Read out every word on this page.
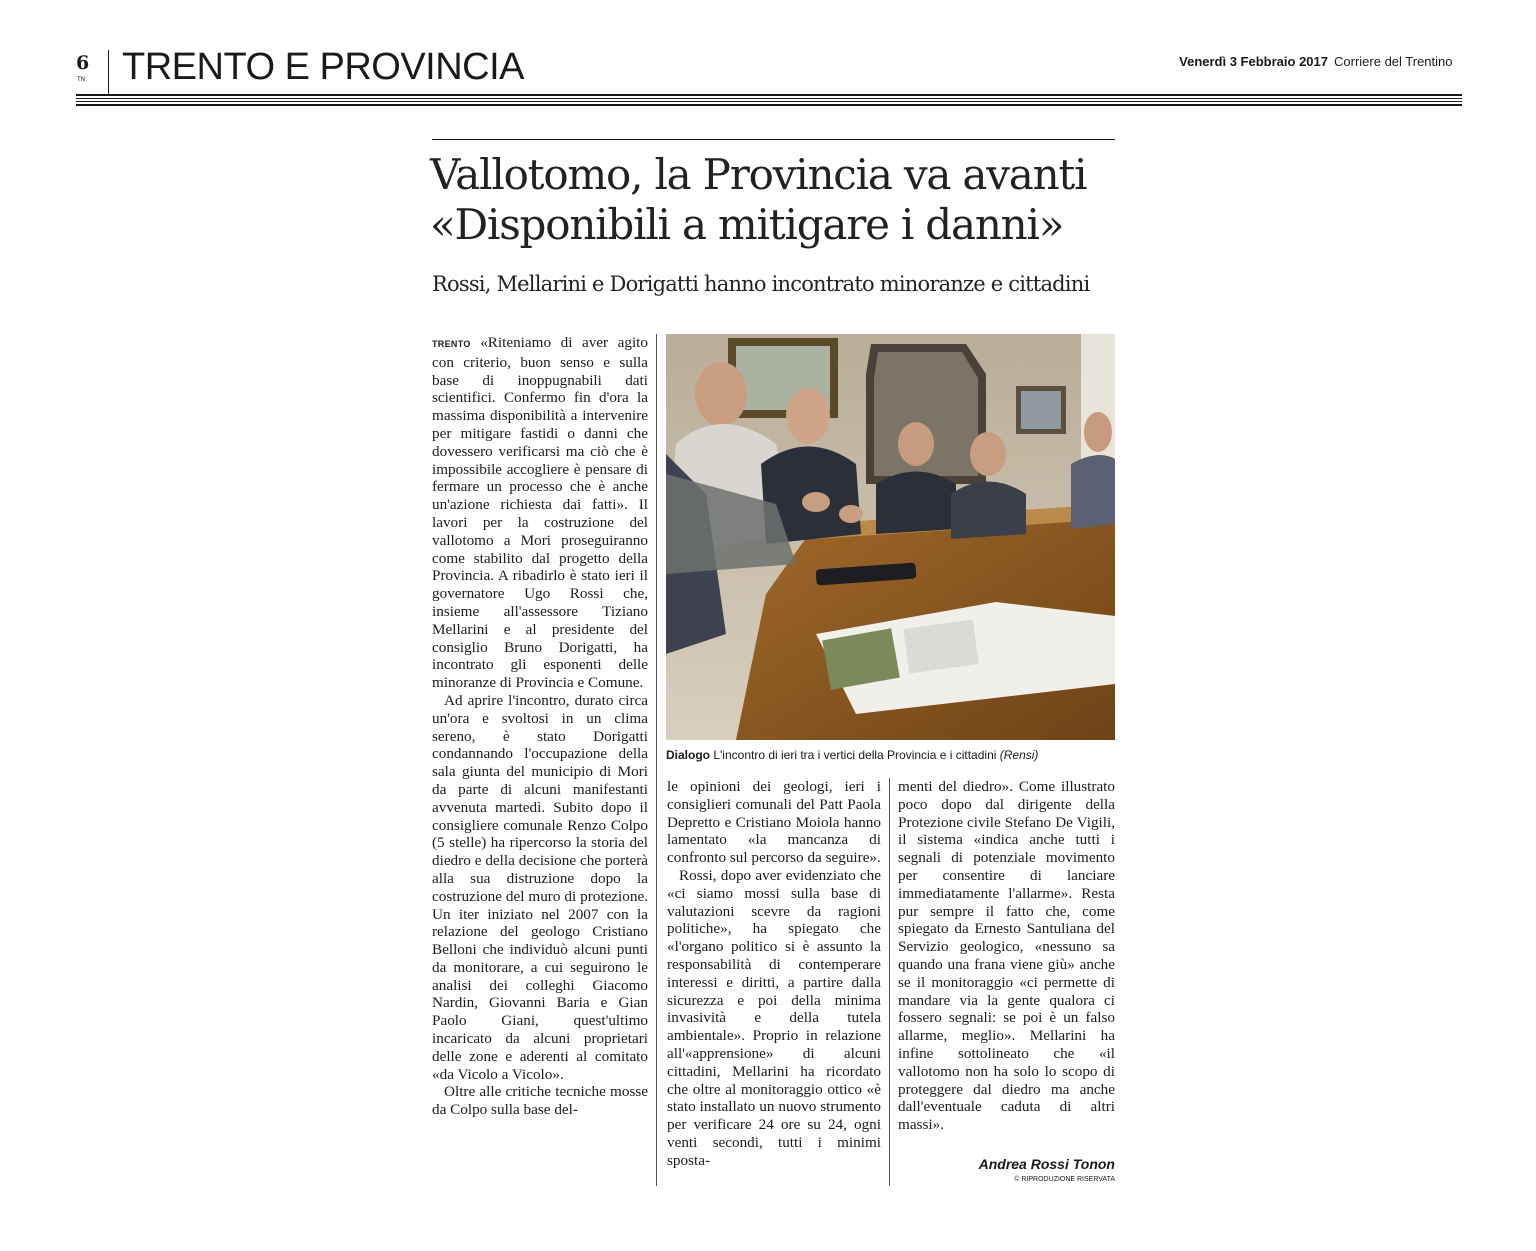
6
TN TRENTO E PROVINCIA	Venerdì 3 Febbraio 2017 Corriere del Trentino
Vallotomo, la Provincia va avanti
«Disponibili a mitigare i danni»
Rossi, Mellarini e Dorigatti hanno incontrato minoranze e cittadini

TRENTO «Riteniamo di aver agito con criterio, buon senso e sulla base di inoppugnabili dati scientifici. Confermo fin d'ora la massima disponibilità a intervenire per mitigare fastidi o danni che dovessero verificarsi ma ciò che è impossibile accogliere è pensare di fermare un processo che è anche un'azione richiesta dai fatti». Il lavori per la costruzione del vallotomo a Mori proseguiranno come stabilito dal progetto della Provincia. A ribadirlo è stato ieri il governatore Ugo Rossi che, insieme all'assessore Tiziano Mellarini e al presidente del consiglio Bruno Dorigatti, ha incontrato gli esponenti delle minoranze di Provincia e Comune.

Ad aprire l'incontro, durato circa un'ora e svoltosi in un clima sereno, è stato Dorigatti condannando l'occupazione della sala giunta del municipio di Mori da parte di alcuni manifestanti avvenuta martedì. Subito dopo il consigliere comunale Renzo Colpo (5 stelle) ha ripercorso la storia del diedro e della decisione che porterà alla sua distruzione dopo la costruzione del muro di protezione. Un iter iniziato nel 2007 con la relazione del geologo Cristiano Belloni che individuò alcuni punti da monitorare, a cui seguirono le analisi dei colleghi Giacomo Nardin, Giovanni Baria e Gian Paolo Giani, quest'ultimo incaricato da alcuni proprietari delle zone e aderenti al comitato «da Vicolo a Vicolo».

Oltre alle critiche tecniche mosse da Colpo sulla base del-

Dialogo L'incontro di ieri tra i vertici della Provincia e i cittadini (Rensi)

le opinioni dei geologi, ieri i consiglieri comunali del Patt Paola Depretto e Cristiano Moiola hanno lamentato «la mancanza di confronto sul percorso da seguire».

Rossi, dopo aver evidenziato che «ci siamo mossi sulla base di valutazioni scevre da ragioni politiche», ha spiegato che «l'organo politico si è assunto la responsabilità di contemperare interessi e diritti, a partire dalla sicurezza e poi della minima invasività e della tutela ambientale». Proprio in relazione all'«apprensione» di alcuni cittadini, Mellarini ha ricordato che oltre al monitoraggio ottico «è stato installato un nuovo strumento per verificare 24 ore su 24, ogni venti secondi, tutti i minimi sposta-

menti del diedro». Come illustrato poco dopo dal dirigente della Protezione civile Stefano De Vigili, il sistema «indica anche tutti i segnali di potenziale movimento per consentire di lanciare immediatamente l'allarme». Resta pur sempre il fatto che, come spiegato da Ernesto Santuliana del Servizio geologico, «nessuno sa quando una frana viene giù» anche se il monitoraggio «ci permette di mandare via la gente qualora ci fossero segnali: se poi è un falso allarme, meglio». Mellarini ha infine sottolineato che «il vallotomo non ha solo lo scopo di proteggere dal diedro ma anche dall'eventuale caduta di altri massi».

Andrea Rossi Tonon
© RIPRODUZIONE RISERVATA
